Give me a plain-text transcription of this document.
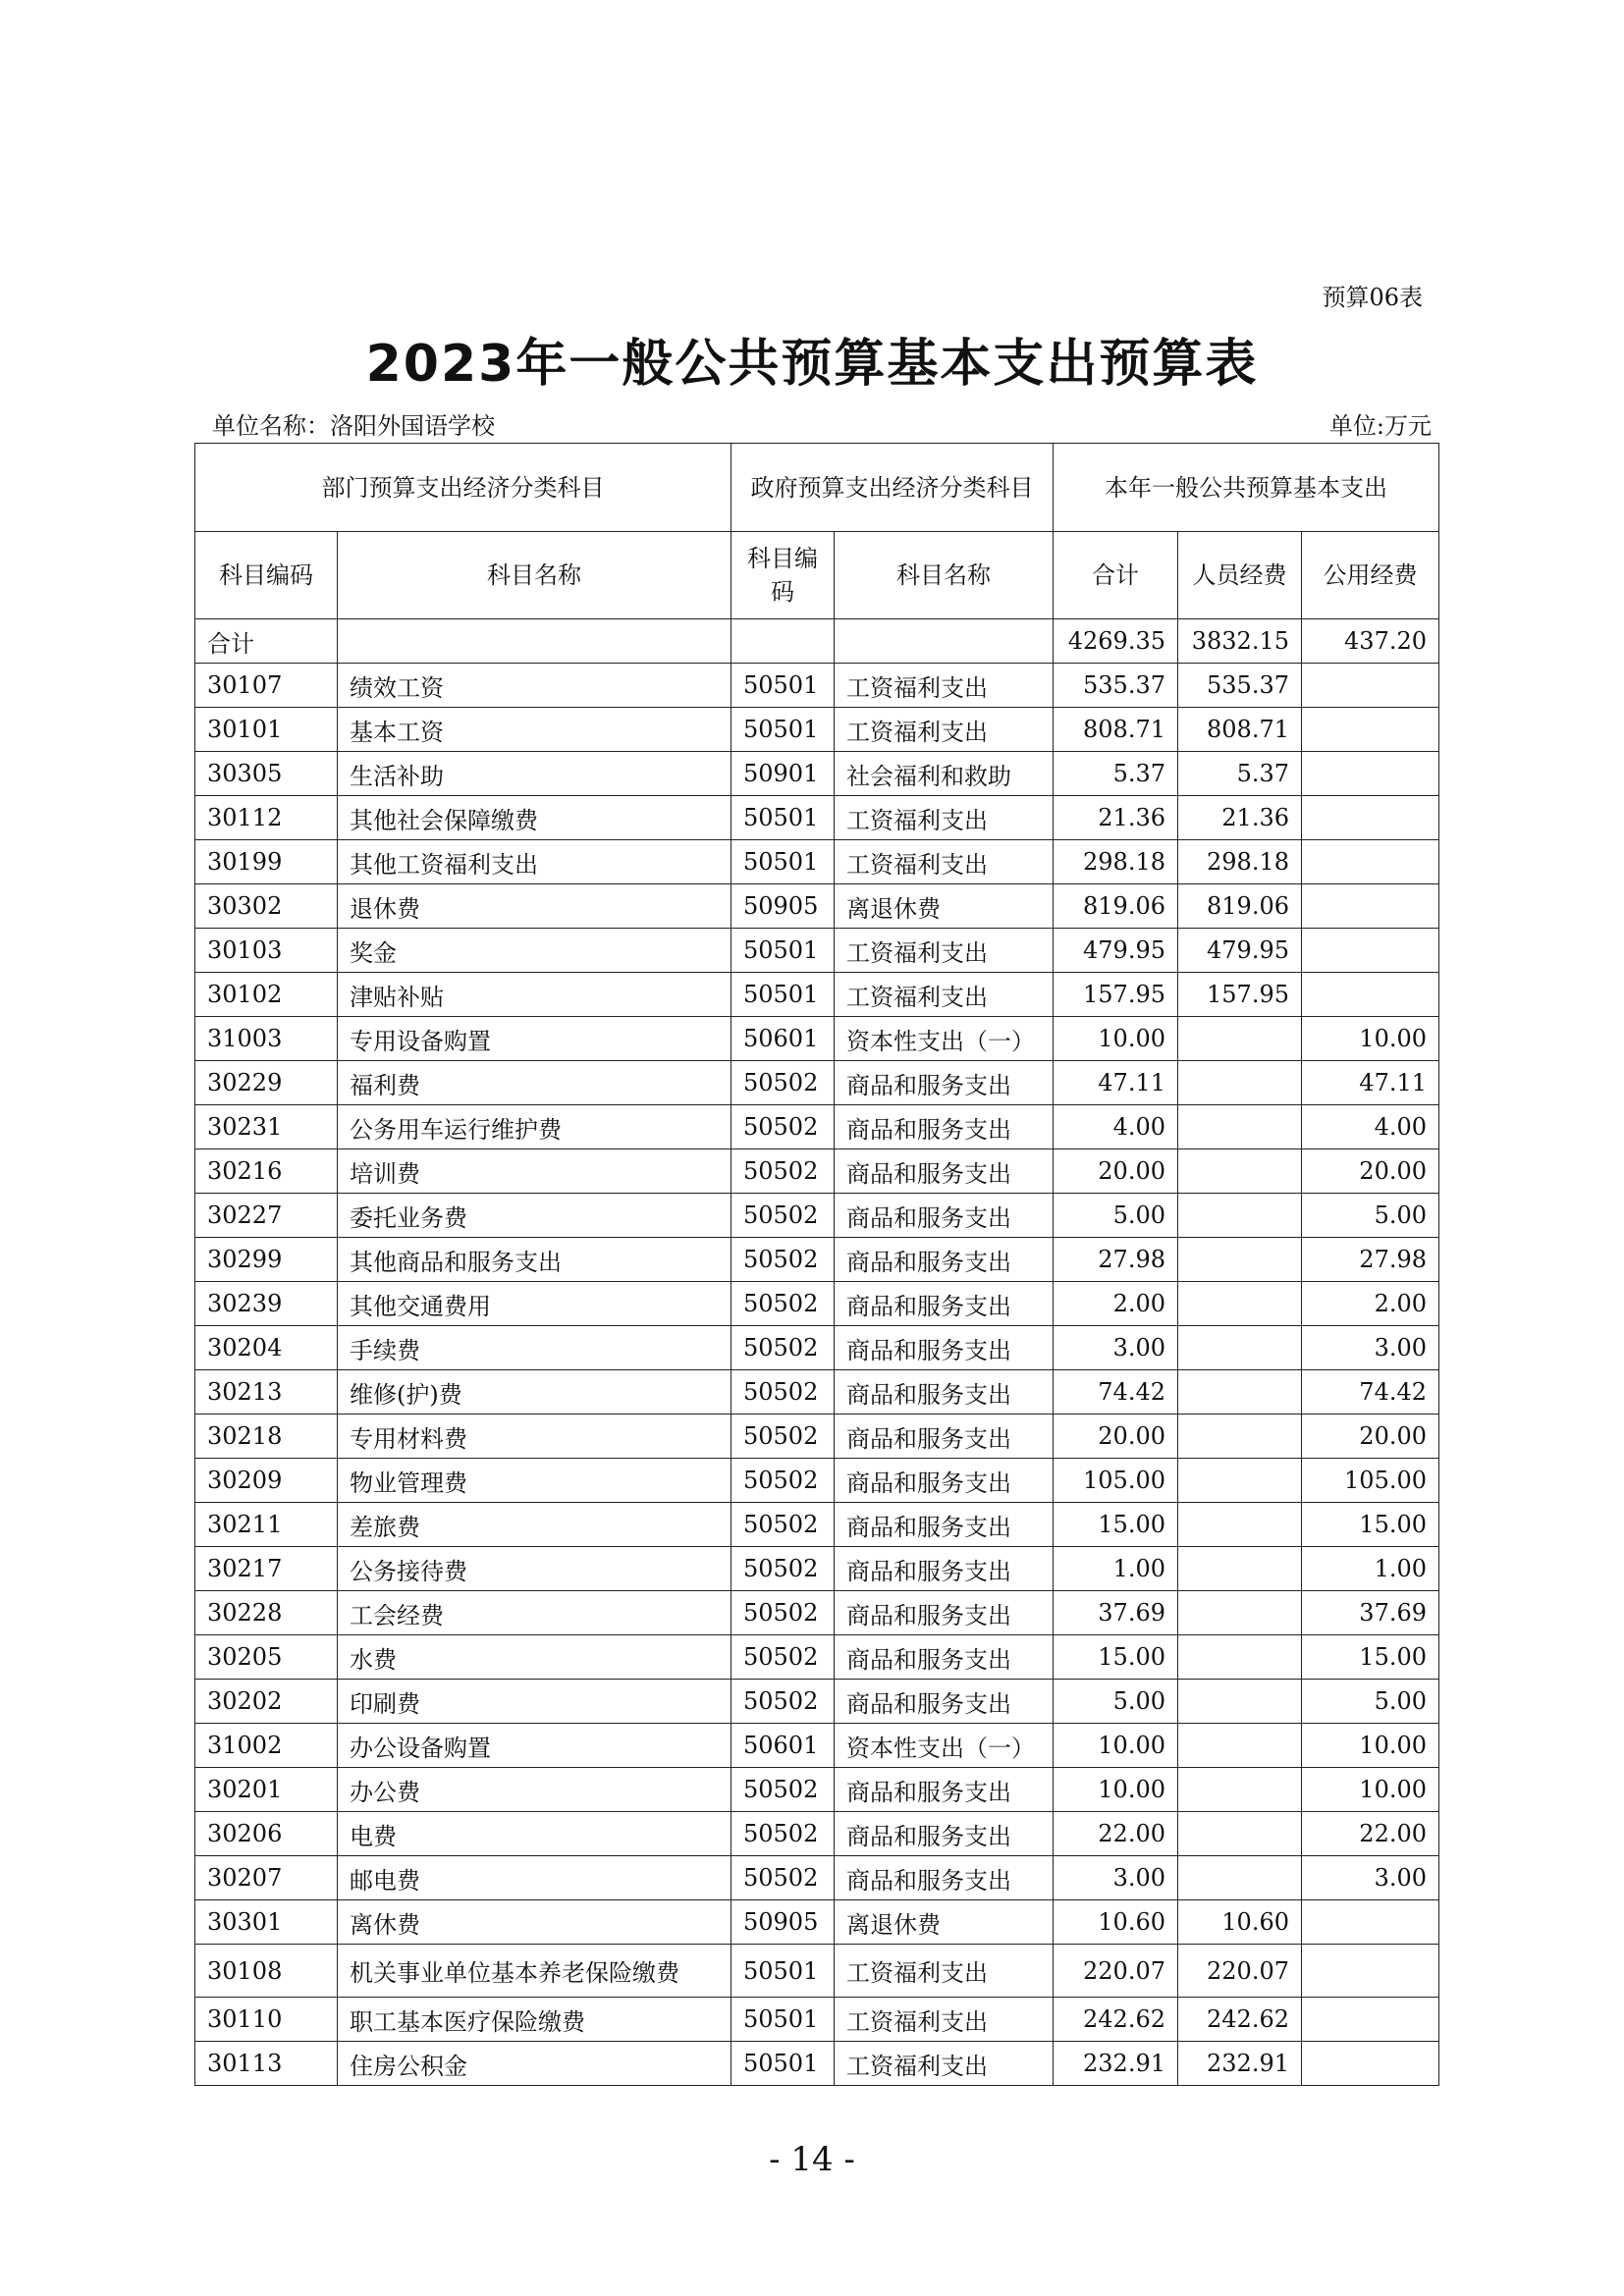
预算06表
2023年一般公共预算基本支出预算表
单位名称：洛阳外国语学校	单位:万元
部门预算支出经济分类科目		政府预算支出经济分类科目		本年一般公共预算基本支出		
科目编码	科目名称	科目编码	科目名称	合计	人员经费	公用经费
合计				4269.35	3832.15	437.20
30107	绩效工资	50501	工资福利支出	535.37	535.37	
30101	基本工资	50501	工资福利支出	808.71	808.71	
30305	生活补助	50901	社会福利和救助	5.37	5.37	
30112	其他社会保障缴费	50501	工资福利支出	21.36	21.36	
30199	其他工资福利支出	50501	工资福利支出	298.18	298.18	
30302	退休费	50905	离退休费	819.06	819.06	
30103	奖金	50501	工资福利支出	479.95	479.95	
30102	津贴补贴	50501	工资福利支出	157.95	157.95	
31003	专用设备购置	50601	资本性支出（一）	10.00		10.00
30229	福利费	50502	商品和服务支出	47.11		47.11
30231	公务用车运行维护费	50502	商品和服务支出	4.00		4.00
30216	培训费	50502	商品和服务支出	20.00		20.00
30227	委托业务费	50502	商品和服务支出	5.00		5.00
30299	其他商品和服务支出	50502	商品和服务支出	27.98		27.98
30239	其他交通费用	50502	商品和服务支出	2.00		2.00
30204	手续费	50502	商品和服务支出	3.00		3.00
30213	维修(护)费	50502	商品和服务支出	74.42		74.42
30218	专用材料费	50502	商品和服务支出	20.00		20.00
30209	物业管理费	50502	商品和服务支出	105.00		105.00
30211	差旅费	50502	商品和服务支出	15.00		15.00
30217	公务接待费	50502	商品和服务支出	1.00		1.00
30228	工会经费	50502	商品和服务支出	37.69		37.69
30205	水费	50502	商品和服务支出	15.00		15.00
30202	印刷费	50502	商品和服务支出	5.00		5.00
31002	办公设备购置	50601	资本性支出（一）	10.00		10.00
30201	办公费	50502	商品和服务支出	10.00		10.00
30206	电费	50502	商品和服务支出	22.00		22.00
30207	邮电费	50502	商品和服务支出	3.00		3.00
30301	离休费	50905	离退休费	10.60	10.60	
30108	机关事业单位基本养老保险缴费	50501	工资福利支出	220.07	220.07	
30110	职工基本医疗保险缴费	50501	工资福利支出	242.62	242.62	
30113	住房公积金	50501	工资福利支出	232.91	232.91	
- 14 -
